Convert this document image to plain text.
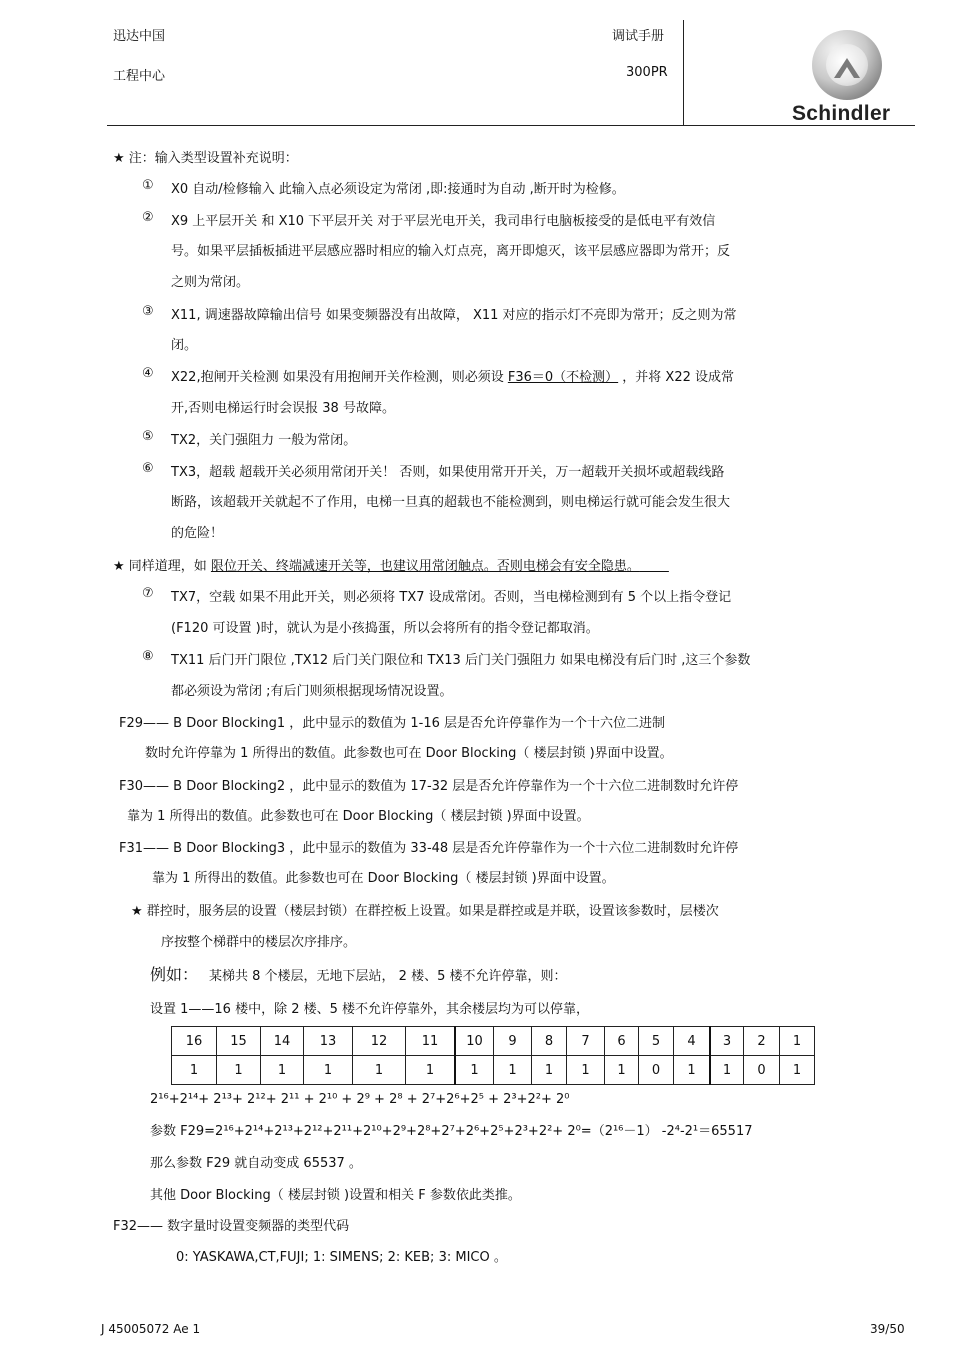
迅达中国
工程中心
调试手册
300PR
Schindler
★ 注：输入类型设置补充说明：
① X0 自动/检修输入 此输入点必须设定为常闭 ,即:接通时为自动 ,断开时为检修。
② X9 上平层开关 和 X10 下平层开关 对于平层光电开关，我司串行电脑板接受的是低电平有效信
号。如果平层插板插进平层感应器时相应的输入灯点亮，离开即熄灭，该平层感应器即为常开；反
之则为常闭。
③ X11, 调速器故障输出信号 如果变频器没有出故障， X11 对应的指示灯不亮即为常开；反之则为常
闭。
④ X22,抱闸开关检测 如果没有用抱闸开关作检测，则必须设 F36＝0（不检测） ，并将 X22 设成常
开,否则电梯运行时会误报 38 号故障。
⑤ TX2，关门强阻力 一般为常闭。
⑥ TX3，超载 超载开关必须用常闭开关！ 否则，如果使用常开开关，万一超载开关损坏或超载线路
断路，该超载开关就起不了作用，电梯一旦真的超载也不能检测到，则电梯运行就可能会发生很大
的危险！
★ 同样道理，如 限位开关、终端减速开关等，也建议用常闭触点。否则电梯会有安全隐患。
⑦ TX7，空载 如果不用此开关，则必须将 TX7 设成常闭。否则，当电梯检测到有 5 个以上指令登记
(F120 可设置 )时，就认为是小孩捣蛋，所以会将所有的指令登记都取消。
⑧ TX11 后门开门限位 ,TX12 后门关门限位和 TX13 后门关门强阻力 如果电梯没有后门时 ,这三个参数
都必须设为常闭 ;有后门则须根据现场情况设置。
F29—— B Door Blocking1 ，此中显示的数值为 1-16 层是否允许停靠作为一个十六位二进制
数时允许停靠为 1 所得出的数值。此参数也可在 Door Blocking（ 楼层封锁 )界面中设置。
F30—— B Door Blocking2 ，此中显示的数值为 17-32 层是否允许停靠作为一个十六位二进制数时允许停
靠为 1 所得出的数值。此参数也可在 Door Blocking（ 楼层封锁 )界面中设置。
F31—— B Door Blocking3 ，此中显示的数值为 33-48 层是否允许停靠作为一个十六位二进制数时允许停
靠为 1 所得出的数值。此参数也可在 Door Blocking（ 楼层封锁 )界面中设置。
★ 群控时，服务层的设置（楼层封锁）在群控板上设置。如果是群控或是并联，设置该参数时，层楼次
序按整个梯群中的楼层次序排序。
例如： 某梯共 8 个楼层，无地下层站， 2 楼、5 楼不允许停靠，则：
设置 1——16 楼中，除 2 楼、5 楼不允许停靠外，其余楼层均为可以停靠，
16	15	14	13	12	11	10	9	8	7	6	5	4	3	2	1
1	1	1	1	1	1	1	1	1	1	1	0	1	1	0	1
2¹⁶+2¹⁴+ 2¹³+ 2¹²+ 2¹¹ + 2¹⁰ + 2⁹ + 2⁸ + 2⁷+2⁶+2⁵ + 2³+2²+ 2⁰
参数 F29=2¹⁶+2¹⁴+2¹³+2¹²+2¹¹+2¹⁰+2⁹+2⁸+2⁷+2⁶+2⁵+2³+2²+ 2⁰=（2¹⁶－1） -2⁴-2¹＝65517
那么参数 F29 就自动变成 65537 。
其他 Door Blocking（ 楼层封锁 )设置和相关 F 参数依此类推。
F32—— 数字量时设置变频器的类型代码
0: YASKAWA,CT,FUJI; 1: SIMENS; 2: KEB; 3: MICO 。
J 45005072 Ae 1	39/50
